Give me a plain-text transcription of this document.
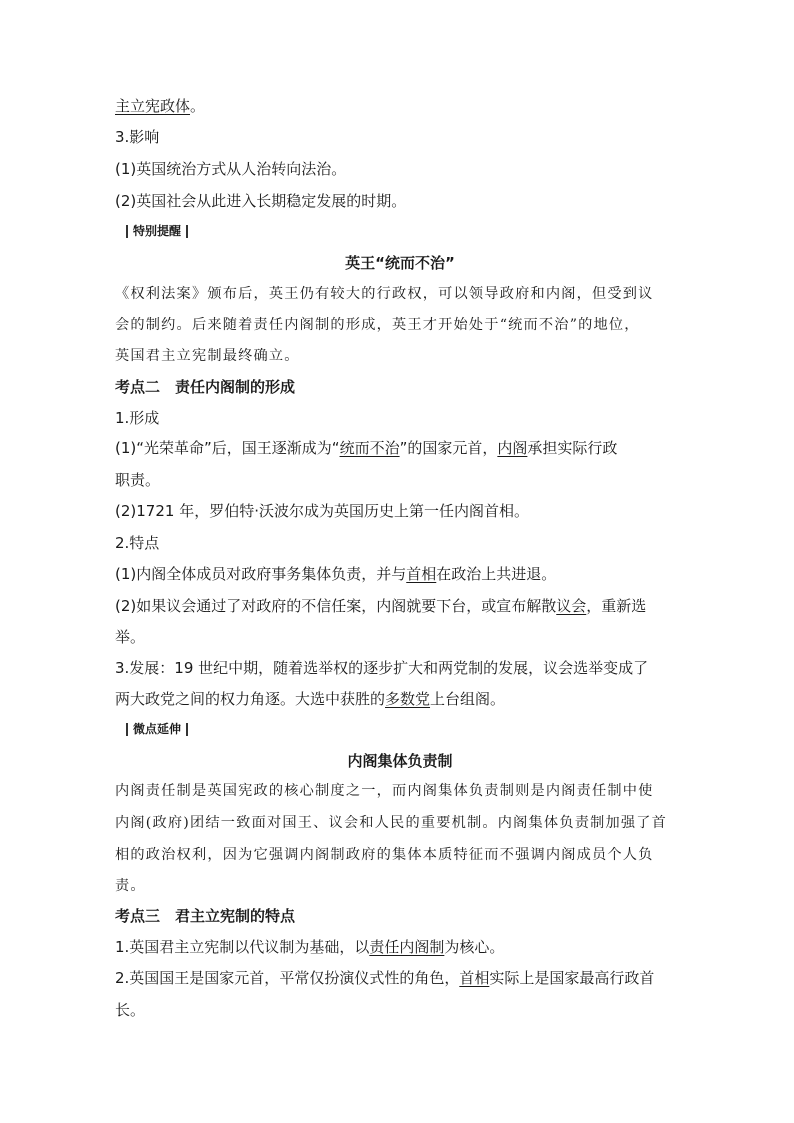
主立宪政体。
3.影响
(1)英国统治方式从人治转向法治。
(2)英国社会从此进入长期稳定发展的时期。
特别提醒
英王“统而不治”
《权利法案》颁布后，英王仍有较大的行政权，可以领导政府和内阁，但受到议
会的制约。后来随着责任内阁制的形成，英王才开始处于“统而不治”的地位，
英国君主立宪制最终确立。
考点二　责任内阁制的形成
1.形成
(1)“光荣革命”后，国王逐渐成为“统而不治”的国家元首，内阁承担实际行政
职责。
(2)1721 年，罗伯特·沃波尔成为英国历史上第一任内阁首相。
2.特点
(1)内阁全体成员对政府事务集体负责，并与首相在政治上共进退。
(2)如果议会通过了对政府的不信任案，内阁就要下台，或宣布解散议会，重新选
举。
3.发展：19 世纪中期，随着选举权的逐步扩大和两党制的发展，议会选举变成了
两大政党之间的权力角逐。大选中获胜的多数党上台组阁。
微点延伸
内阁集体负责制
内阁责任制是英国宪政的核心制度之一，而内阁集体负责制则是内阁责任制中使
内阁(政府)团结一致面对国王、议会和人民的重要机制。内阁集体负责制加强了首
相的政治权利，因为它强调内阁制政府的集体本质特征而不强调内阁成员个人负
责。
考点三　君主立宪制的特点
1.英国君主立宪制以代议制为基础，以责任内阁制为核心。
2.英国国王是国家元首，平常仅扮演仪式性的角色，首相实际上是国家最高行政首
长。
